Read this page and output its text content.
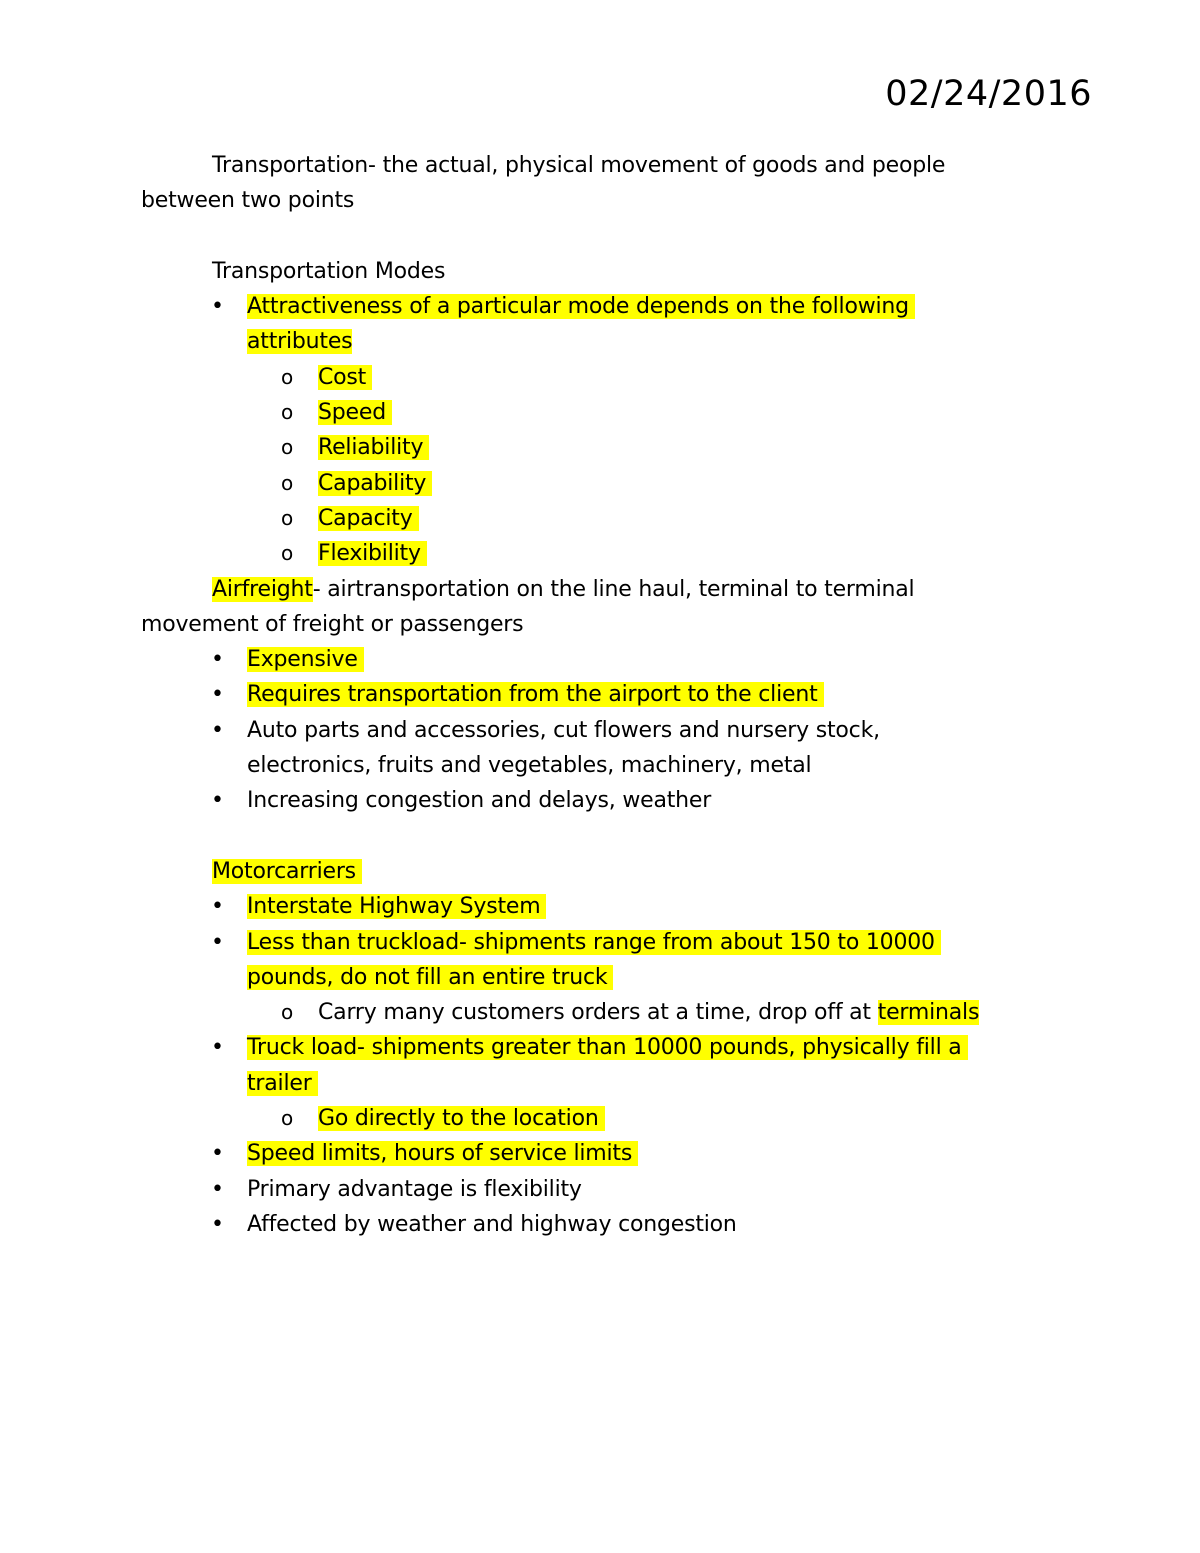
02/24/2016
Transportation- the actual, physical movement of goods and people
between two points
Transportation Modes
• Attractiveness of a particular mode depends on the following
attributes
o Cost
o Speed
o Reliability
o Capability
o Capacity
o Flexibility
Airfreight- airtransportation on the line haul, terminal to terminal
movement of freight or passengers
• Expensive
• Requires transportation from the airport to the client
• Auto parts and accessories, cut flowers and nursery stock,
electronics, fruits and vegetables, machinery, metal
• Increasing congestion and delays, weather
Motorcarriers
• Interstate Highway System
• Less than truckload- shipments range from about 150 to 10000
pounds, do not fill an entire truck
o Carry many customers orders at a time, drop off at terminals
• Truck load- shipments greater than 10000 pounds, physically fill a
trailer
o Go directly to the location
• Speed limits, hours of service limits
• Primary advantage is flexibility
• Affected by weather and highway congestion
